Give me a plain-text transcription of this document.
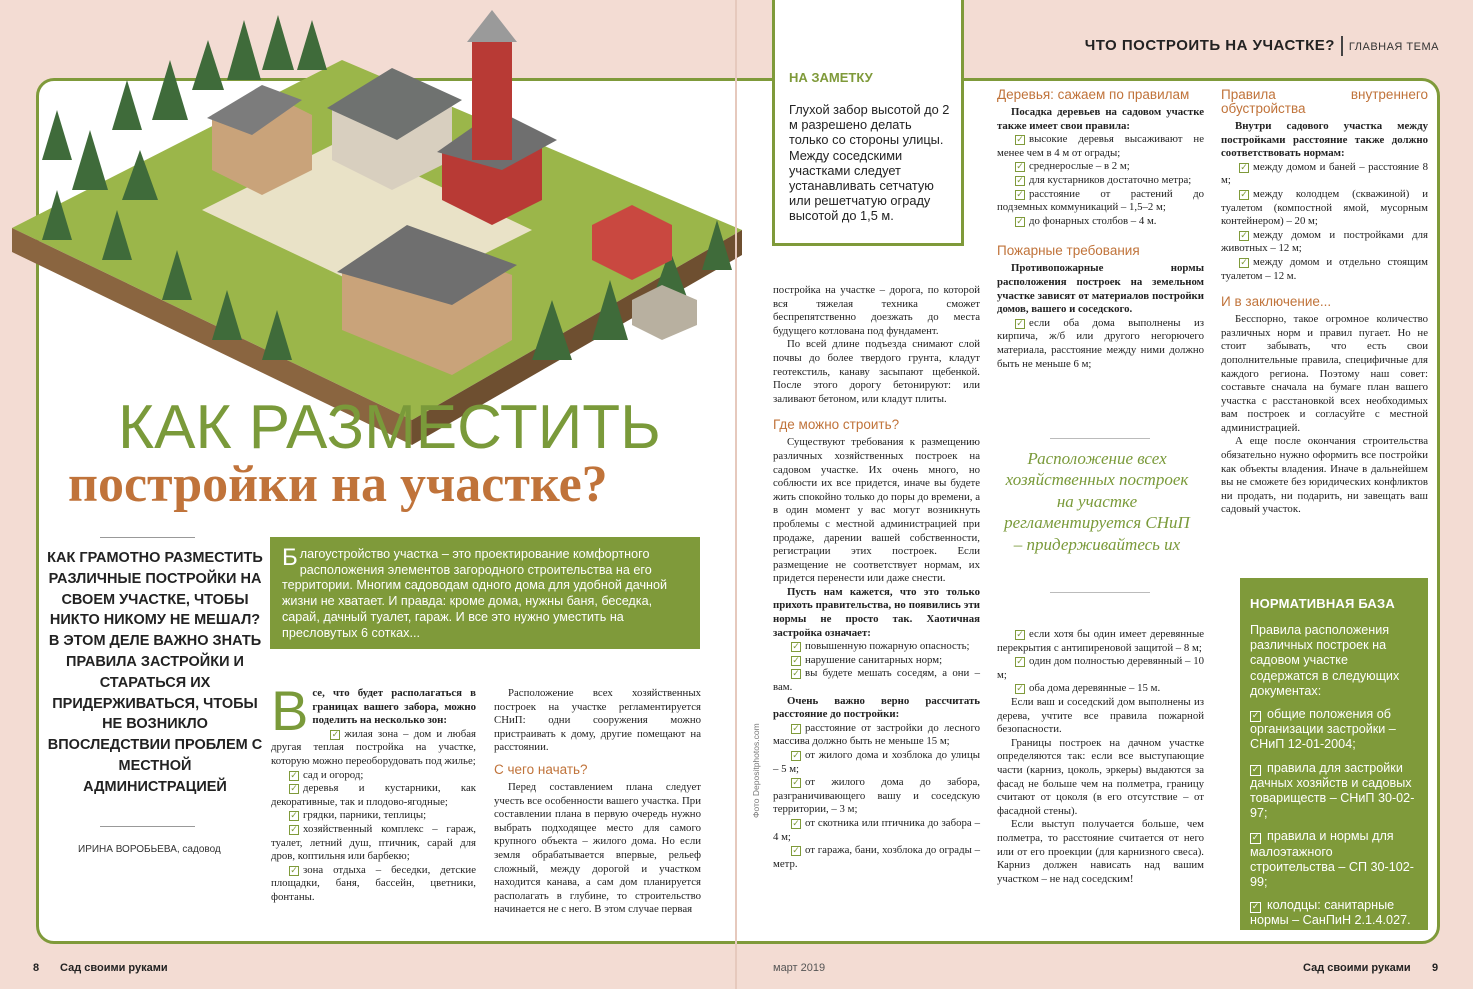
ЧТО ПОСТРОИТЬ НА УЧАСТКЕ? ГЛАВНАЯ ТЕМА
КАК РАЗМЕСТИТЬ
постройки на участке?
КАК ГРАМОТНО РАЗМЕСТИТЬ РАЗЛИЧНЫЕ ПОСТРОЙКИ НА СВОЕМ УЧАСТКЕ, ЧТОБЫ НИКТО НИКОМУ НЕ МЕШАЛ? В ЭТОМ ДЕЛЕ ВАЖНО ЗНАТЬ ПРАВИЛА ЗАСТРОЙКИ И СТАРАТЬСЯ ИХ ПРИДЕРЖИВАТЬСЯ, ЧТОБЫ НЕ ВОЗНИКЛО ВПОСЛЕДСТВИИ ПРОБЛЕМ С МЕСТНОЙ АДМИНИСТРАЦИЕЙ
ИРИНА ВОРОБЬЕВА, садовод
Благоустройство участка – это проектирование комфортного расположения элементов загородного строительства на его территории. Многим садоводам одного дома для удобной дачной жизни не хватает. И правда: кроме дома, нужны баня, беседка, сарай, дачный туалет, гараж. И все это нужно уместить на пресловутых 6 сотках...
В се, что будет располагаться в границах вашего забора, можно поделить на несколько зон:

✓ жилая зона – дом и любая другая теплая постройка на участке, которую можно переоборудовать под жилье;

✓ сад и огород;

✓ деревья и кустарники, как декоративные, так и плодово-ягодные;

✓ грядки, парники, теплицы;

✓ хозяйственный комплекс – гараж, туалет, летний душ, птичник, сарай для дров, коптильня или барбекю;

✓ зона отдыха – беседки, детские площадки, баня, бассейн, цветники, фонтаны.

Расположение всех хозяйственных построек на участке регламентируется СНиП: одни сооружения можно пристраивать к дому, другие помещают на расстоянии.

С чего начать?

Перед составлением плана следует учесть все особенности вашего участка. При составлении плана в первую очередь нужно выбрать подходящее место для самого крупного объекта – жилого дома. Но если земля обрабатывается впервые, рельеф сложный, между дорогой и участком находится канава, а сам дом планируется располагать в глубине, то строительство начинается не с него. В этом случае первая

НА ЗАМЕТКУ
Глухой забор высотой до 2 м разрешено делать только со стороны улицы. Между соседскими участками следует устанавливать сетчатую или решетчатую ограду высотой до 1,5 м.

постройка на участке – дорога, по которой вся тяжелая техника сможет беспрепятственно доезжать до места будущего котлована под фундамент.

По всей длине подъезда снимают слой почвы до более твердого грунта, кладут геотекстиль, канаву засыпают щебенкой. После этого дорогу бетонируют: или заливают бетоном, или кладут плиты.

Где можно строить?

Существуют требования к размещению различных хозяйственных построек на садовом участке. Их очень много, но соблюсти их все придется, иначе вы будете жить спокойно только до поры до времени, а в один момент у вас могут возникнуть проблемы с местной администрацией при продаже, дарении вашей собственности, регистрации этих построек. Если размещение не соответствует нормам, их придется перенести или даже снести.

Пусть нам кажется, что это только прихоть правительства, но появились эти нормы не просто так. Хаотичная застройка означает:

✓ повышенную пожарную опасность;

✓ нарушение санитарных норм;

✓ вы будете мешать соседям, а они – вам.

Очень важно верно рассчитать расстояние до постройки:

✓ расстояние от застройки до лесного массива должно быть не меньше 15 м;

✓ от жилого дома и хозблока до улицы – 5 м;

✓ от жилого дома до забора, разграничивающего вашу и соседскую территории, – 3 м;

✓ от скотника или птичника до забора – 4 м;

✓ от гаража, бани, хозблока до ограды – метр.

Фото Depositphotos.com
Деревья: сажаем по правилам

Посадка деревьев на садовом участке также имеет свои правила:

✓ высокие деревья высаживают не менее чем в 4 м от ограды;

✓ среднерослые – в 2 м;

✓ для кустарников достаточно метра;

✓ расстояние от растений до подземных коммуникаций – 1,5–2 м;

✓ до фонарных столбов – 4 м.

Пожарные требования

Противопожарные нормы расположения построек на земельном участке зависят от материалов постройки домов, вашего и соседского.

✓ если оба дома выполнены из кирпича, ж/б или другого негорючего материала, расстояние между ними должно быть не меньше 6 м;

Расположение всех хозяйственных построек на участке регламентируется СНиП – придерживайтесь их

✓ если хотя бы один имеет деревянные перекрытия с антипиреновой защитой – 8 м;

✓ один дом полностью деревянный – 10 м;

✓ оба дома деревянные – 15 м.

Если ваш и соседский дом выполнены из дерева, учтите все правила пожарной безопасности.

Границы построек на дачном участке определяются так: если все выступающие части (карниз, цоколь, эркеры) выдаются за фасад не больше чем на полметра, границу считают от цоколя (в его отсутствие – от фасадной стены).

Если выступ получается больше, чем полметра, то расстояние считается от него или от его проекции (для карнизного свеса). Карниз должен нависать над вашим участком – не над соседским!

Правила внутреннего обустройства

Внутри садового участка между постройками расстояние также должно соответствовать нормам:

✓ между домом и баней – расстояние 8 м;

✓ между колодцем (скважиной) и туалетом (компостной ямой, мусорным контейнером) – 20 м;

✓ между домом и постройками для животных – 12 м;

✓ между домом и отдельно стоящим туалетом – 12 м.

И в заключение...

Бесспорно, такое огромное количество различных норм и правил пугает. Но не стоит забывать, что есть свои дополнительные правила, специфичные для каждого региона. Поэтому наш совет: составьте сначала на бумаге план вашего участка с расстановкой всех необходимых вам построек и согласуйте с местной администрацией.

А еще после окончания строительства обязательно нужно оформить все постройки как объекты владения. Иначе в дальнейшем вы не сможете без юридических конфликтов ни продать, ни подарить, ни завещать ваш садовый участок.

НОРМАТИВНАЯ БАЗА
Правила расположения различных построек на садовом участке содержатся в следующих документах:
✓ общие положения об организации застройки – СНиП 12-01-2004;
✓ правила для застройки дачных хозяйств и садовых товариществ – СНиП 30-02-97;
✓ правила и нормы для малоэтажного строительства – СП 30-102-99;
✓ колодцы: санитарные нормы – СанПиН 2.1.4.027.
8 Сад своими руками	март 2019	Сад своими руками 9
